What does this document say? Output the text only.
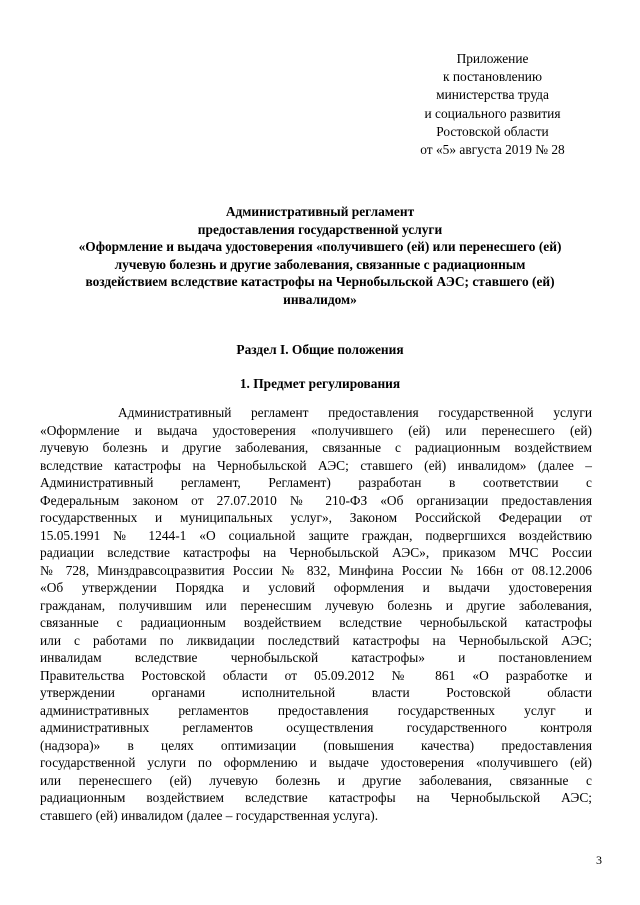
Приложение
к постановлению
министерства труда
и социального развития
Ростовской области
от «5» августа 2019 № 28
Административный регламент
предоставления государственной услуги
«Оформление и выдача удостоверения «получившего (ей) или перенесшего (ей)
лучевую болезнь и другие заболевания, связанные с радиационным
воздействием вследствие катастрофы на Чернобыльской АЭС; ставшего (ей)
инвалидом»
Раздел I. Общие положения
1. Предмет регулирования
Административный регламент предоставления государственной услуги
«Оформление и выдача удостоверения «получившего (ей) или перенесшего (ей)
лучевую болезнь и другие заболевания, связанные с радиационным воздействием
вследствие катастрофы на Чернобыльской АЭС; ставшего (ей) инвалидом» (далее –
Административный регламент, Регламент) разработан в соответствии с
Федеральным законом от 27.07.2010 № 210-ФЗ «Об организации предоставления
государственных и муниципальных услуг», Законом Российской Федерации от
15.05.1991 № 1244-1 «О социальной защите граждан, подвергшихся воздействию
радиации вследствие катастрофы на Чернобыльской АЭС», приказом МЧС России
№ 728, Минздравсоцразвития России № 832, Минфина России № 166н от 08.12.2006
«Об утверждении Порядка и условий оформления и выдачи удостоверения
гражданам, получившим или перенесшим лучевую болезнь и другие заболевания,
связанные с радиационным воздействием вследствие чернобыльской катастрофы
или с работами по ликвидации последствий катастрофы на Чернобыльской АЭС;
инвалидам вследствие чернобыльской катастрофы» и постановлением
Правительства Ростовской области от 05.09.2012 № 861 «О разработке и
утверждении органами исполнительной власти Ростовской области
административных регламентов предоставления государственных услуг и
административных регламентов осуществления государственного контроля
(надзора)» в целях оптимизации (повышения качества) предоставления
государственной услуги по оформлению и выдаче удостоверения «получившего (ей)
или перенесшего (ей) лучевую болезнь и другие заболевания, связанные с
радиационным воздействием вследствие катастрофы на Чернобыльской АЭС;
ставшего (ей) инвалидом (далее – государственная услуга).
3
